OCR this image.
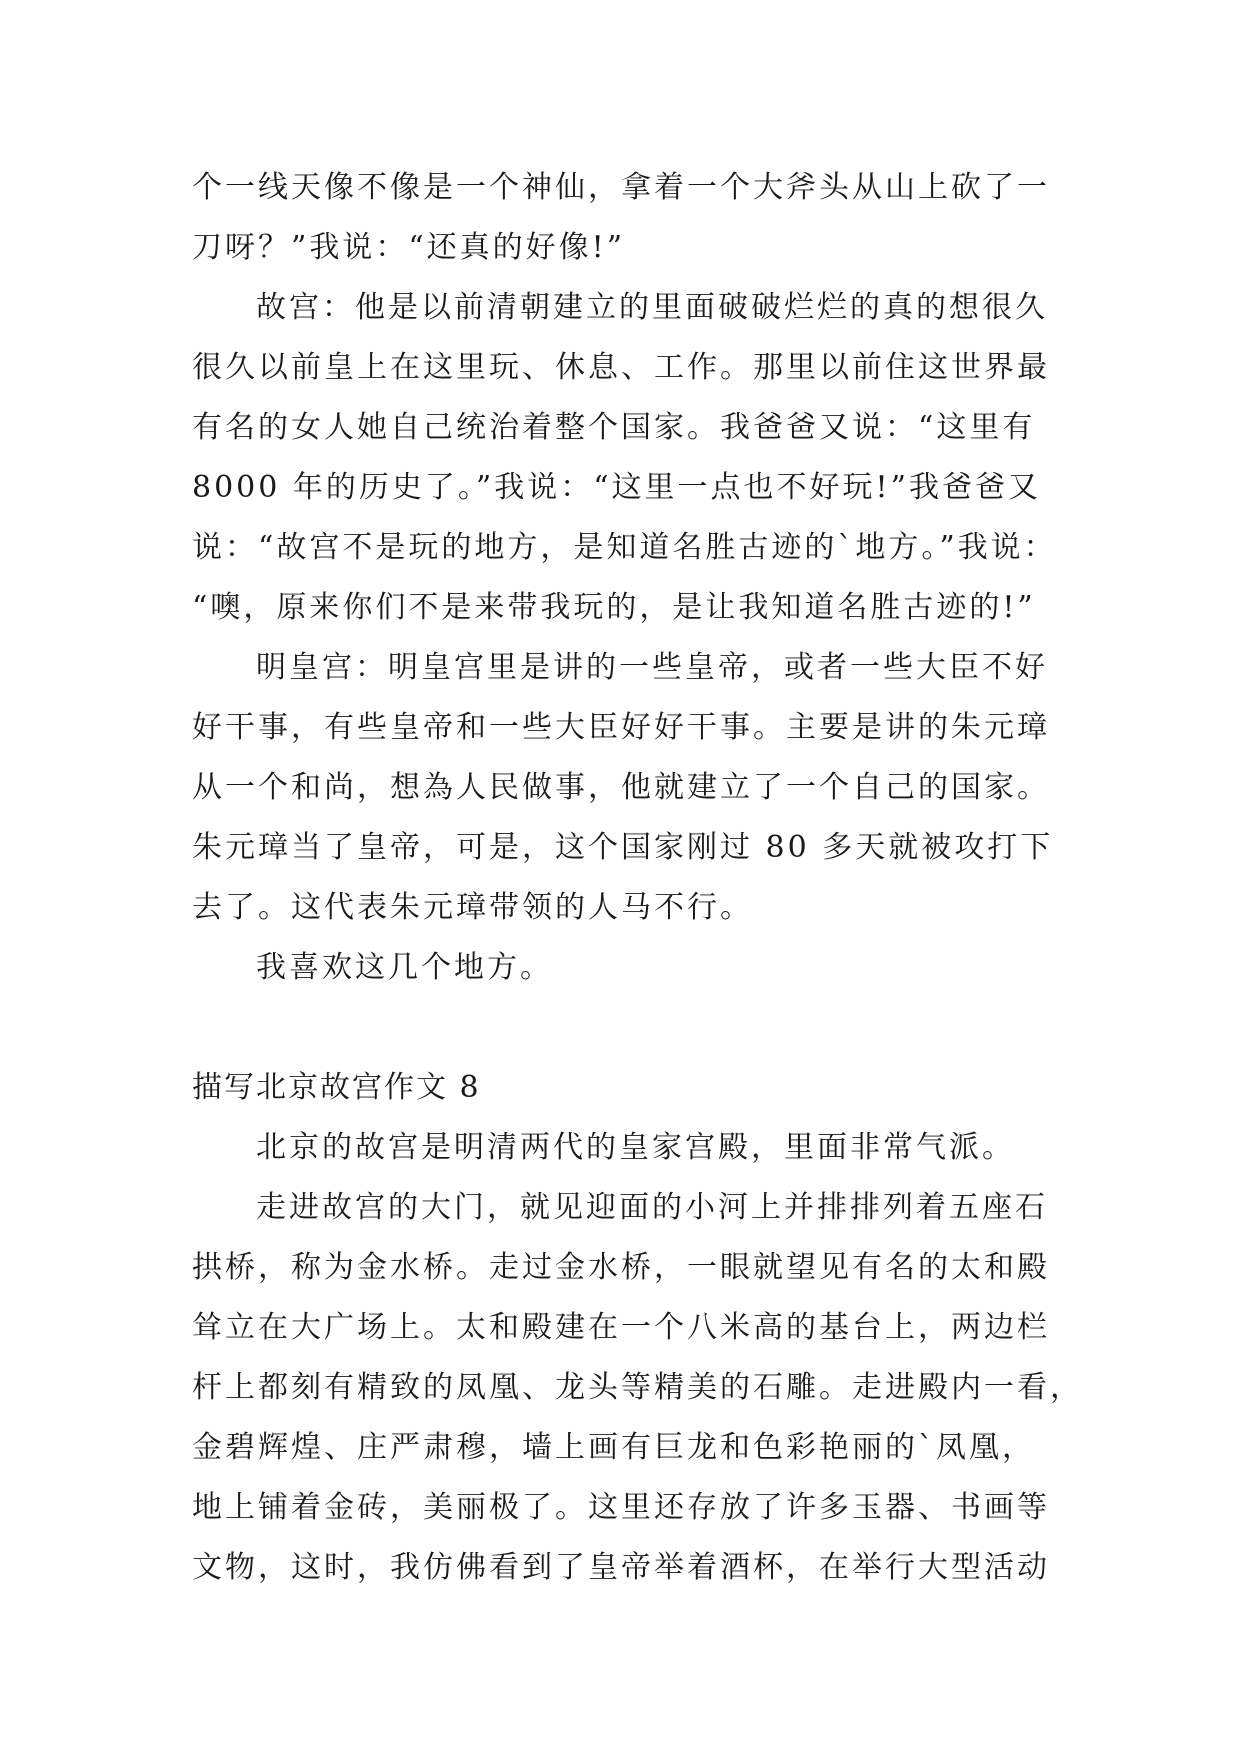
个一线天像不像是一个神仙，拿着一个大斧头从山上砍了一
刀呀？”我说：“还真的好像!”
故宫：他是以前清朝建立的里面破破烂烂的真的想很久
很久以前皇上在这里玩、休息、工作。那里以前住这世界最
有名的女人她自己统治着整个国家。我爸爸又说：“这里有
8000 年的历史了。”我说：“这里一点也不好玩!”我爸爸又
说：“故宫不是玩的地方，是知道名胜古迹的`地方。”我说：
“噢，原来你们不是来带我玩的，是让我知道名胜古迹的!”
明皇宫：明皇宫里是讲的一些皇帝，或者一些大臣不好
好干事，有些皇帝和一些大臣好好干事。主要是讲的朱元璋
从一个和尚，想為人民做事，他就建立了一个自己的国家。
朱元璋当了皇帝，可是，这个国家刚过 80 多天就被攻打下
去了。这代表朱元璋带领的人马不行。
我喜欢这几个地方。
描写北京故宫作文 8
北京的故宫是明清两代的皇家宫殿，里面非常气派。
走进故宫的大门，就见迎面的小河上并排排列着五座石
拱桥，称为金水桥。走过金水桥，一眼就望见有名的太和殿
耸立在大广场上。太和殿建在一个八米高的基台上，两边栏
杆上都刻有精致的凤凰、龙头等精美的石雕。走进殿内一看，
金碧辉煌、庄严肃穆，墙上画有巨龙和色彩艳丽的`凤凰，
地上铺着金砖，美丽极了。这里还存放了许多玉器、书画等
文物，这时，我仿佛看到了皇帝举着酒杯，在举行大型活动
